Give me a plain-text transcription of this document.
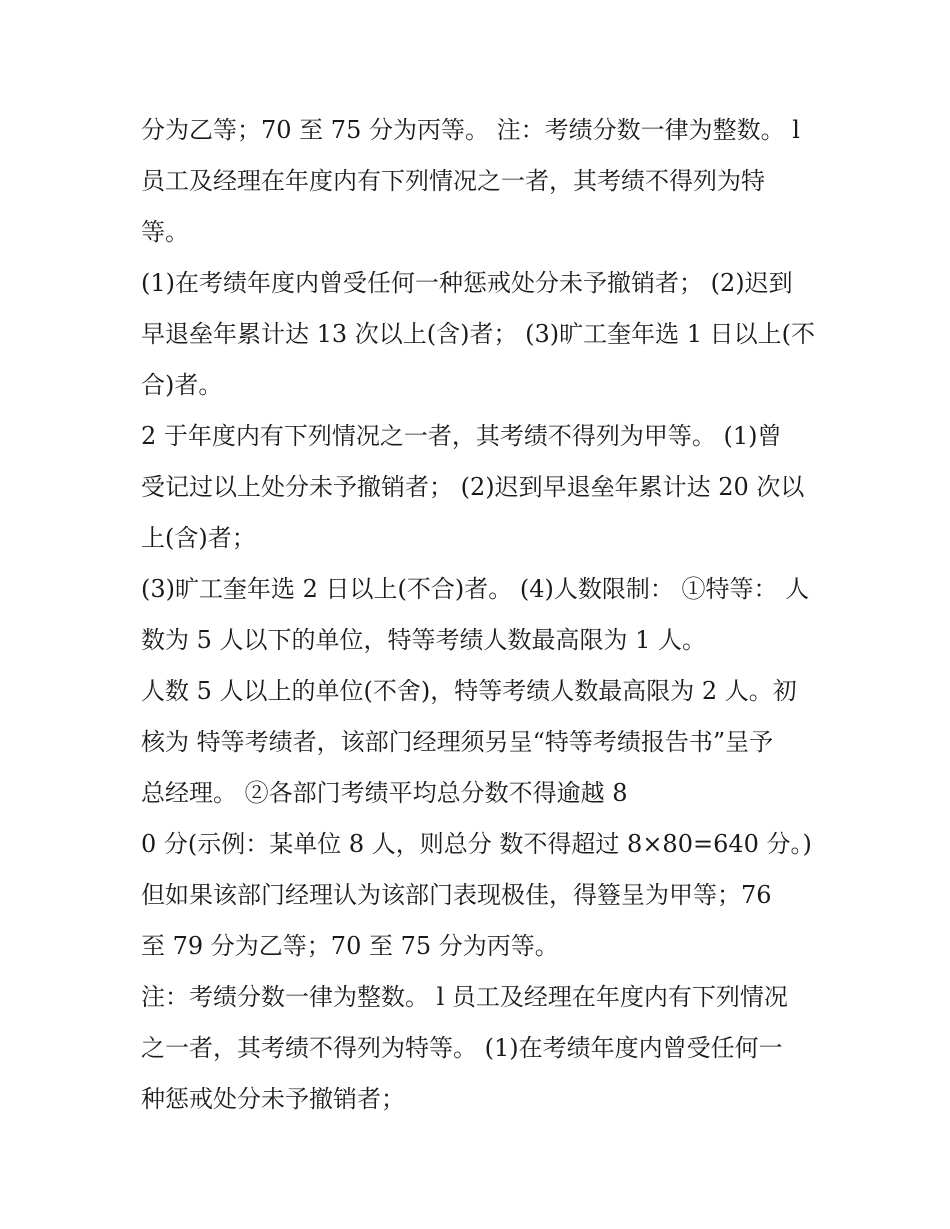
分为乙等；70 至 75 分为丙等。 注：考绩分数一律为整数。 l
员工及经理在年度内有下列情况之一者，其考绩不得列为特
等。
(1)在考绩年度内曾受任何一种惩戒处分未予撤销者； (2)迟到
早退垒年累计达 13 次以上(含)者； (3)旷工奎年选 1 日以上(不
合)者。
2 于年度内有下列情况之一者，其考绩不得列为甲等。 (1)曾
受记过以上处分未予撤销者； (2)迟到早退垒年累计达 20 次以
上(含)者；
(3)旷工奎年选 2 日以上(不合)者。 (4)人数限制： ①特等： 人
数为 5 人以下的单位，特等考绩人数最高限为 1 人。
人数 5 人以上的单位(不舍)，特等考绩人数最高限为 2 人。初
核为 特等考绩者，该部门经理须另呈“特等考绩报告书”呈予
总经理。 ②各部门考绩平均总分数不得逾越 8
0 分(示例：某单位 8 人，则总分 数不得超过 8×80=640 分。)
但如果该部门经理认为该部门表现极佳，得簦呈为甲等；76
至 79 分为乙等；70 至 75 分为丙等。
注：考绩分数一律为整数。 l 员工及经理在年度内有下列情况
之一者，其考绩不得列为特等。 (1)在考绩年度内曾受任何一
种惩戒处分未予撤销者；
